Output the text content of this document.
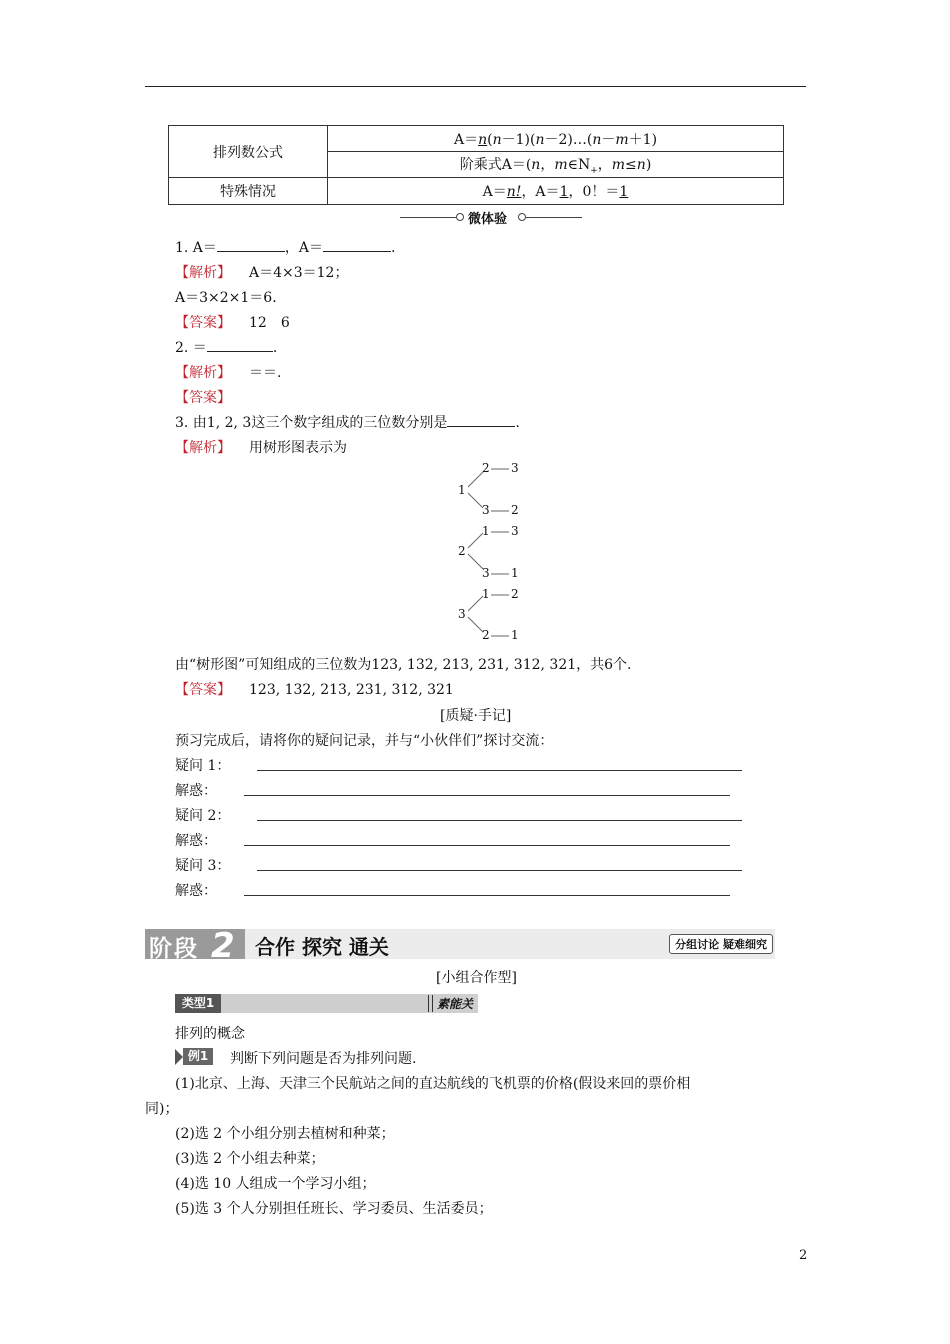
排列数公式	A＝n(n－1)(n－2)…(n－m＋1)
	阶乘式A＝(n，$m\in N_+$，m≤n)
特殊情况	A＝n!，A＝1，0！＝1
微体验
1. A＝	，A＝	.
【解析】 A＝4×3＝12；
A＝3×2×1＝6.
【答案】 12　6
2. ＝	.
【解析】 ＝＝.
【答案】
3. 由1, 2, 3这三个数字组成的三位数分别是	.
【解析】 用树形图表示为
1
2
3
2 3
3 2
1 3
3 1
1 2
2 1
由“树形图”可知组成的三位数为123, 132, 213, 231, 312, 321，共6个.
【答案】 123, 132, 213, 231, 312, 321
[质疑·手记]
预习完成后，请将你的疑问记录，并与“小伙伴们”探讨交流：
疑问 1：
解惑：
疑问 2：
解惑：
疑问 3：
解惑：
阶段 2 合作 探究 通关	分组讨论 疑难细究
[小组合作型]
类型1	素能关
排列的概念
例1	判断下列问题是否为排列问题.
(1)北京、上海、天津三个民航站之间的直达航线的飞机票的价格(假设来回的票价相
同)；
(2)选 2 个小组分别去植树和种菜；
(3)选 2 个小组去种菜；
(4)选 10 人组成一个学习小组；
(5)选 3 个人分别担任班长、学习委员、生活委员；
2
